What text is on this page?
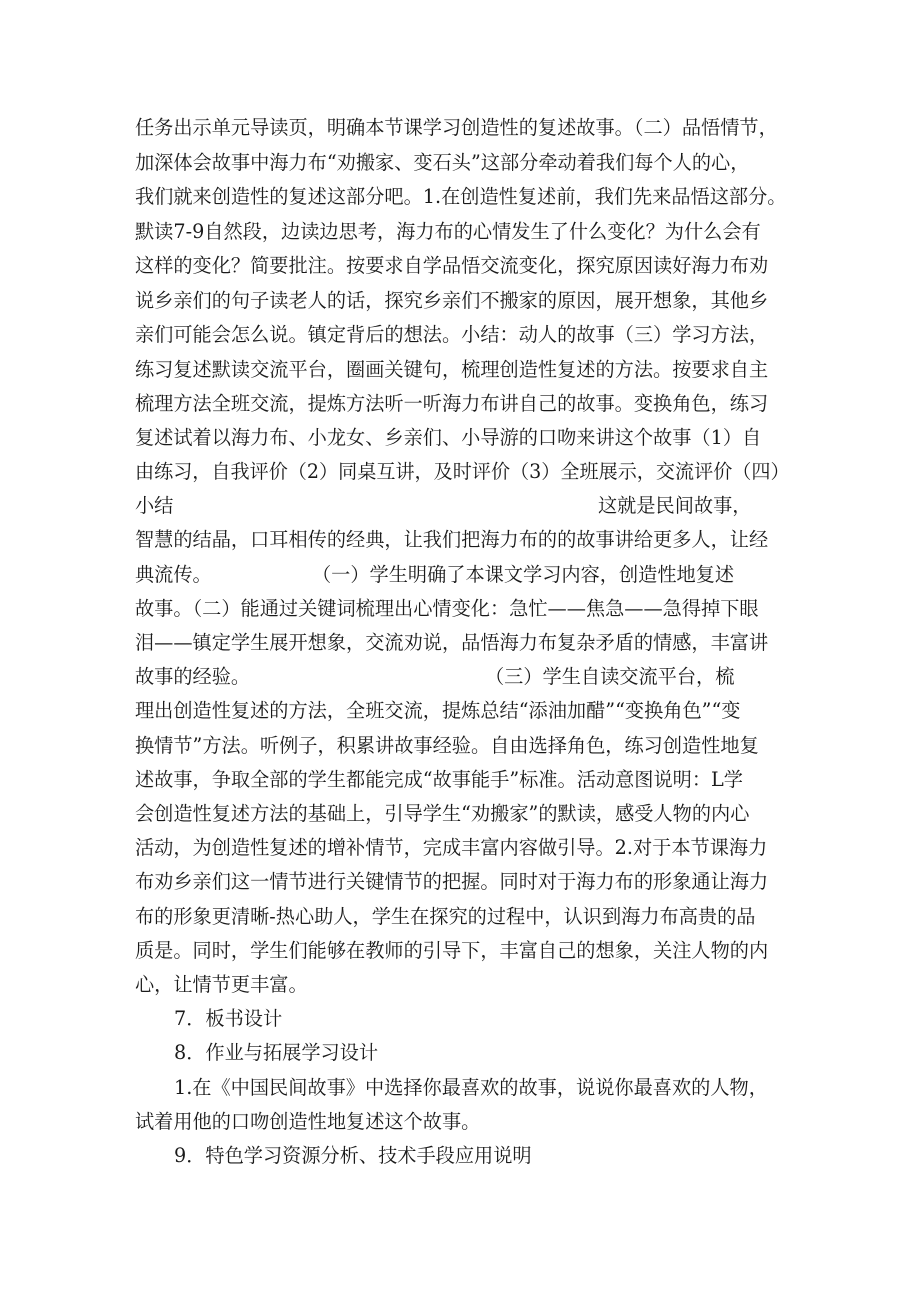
任务出示单元导读页，明确本节课学习创造性的复述故事。（二）品悟情节，
加深体会故事中海力布“劝搬家、变石头”这部分牵动着我们每个人的心，
我们就来创造性的复述这部分吧。1.在创造性复述前，我们先来品悟这部分。
默读7-9自然段，边读边思考，海力布的心情发生了什么变化？为什么会有
这样的变化？简要批注。按要求自学品悟交流变化，探究原因读好海力布劝
说乡亲们的句子读老人的话，探究乡亲们不搬家的原因，展开想象，其他乡
亲们可能会怎么说。镇定背后的想法。小结：动人的故事（三）学习方法，
练习复述默读交流平台，圈画关键句，梳理创造性复述的方法。按要求自主
梳理方法全班交流，提炼方法听一听海力布讲自己的故事。变换角色，练习
复述试着以海力布、小龙女、乡亲们、小导游的口吻来讲这个故事（1）自
由练习，自我评价（2）同桌互讲，及时评价（3）全班展示，交流评价（四）
小结	这就是民间故事，
智慧的结晶，口耳相传的经典，让我们把海力布的的故事讲给更多人，让经
典流传。	（一）学生明确了本课文学习内容，创造性地复述
故事。（二）能通过关键词梳理出心情变化：急忙——焦急——急得掉下眼
泪——镇定学生展开想象，交流劝说，品悟海力布复杂矛盾的情感，丰富讲
故事的经验。	（三）学生自读交流平台，梳
理出创造性复述的方法，全班交流，提炼总结“添油加醋”“变换角色”“变
换情节”方法。听例子，积累讲故事经验。自由选择角色，练习创造性地复
述故事，争取全部的学生都能完成“故事能手”标准。活动意图说明：L学
会创造性复述方法的基础上，引导学生“劝搬家”的默读，感受人物的内心
活动，为创造性复述的增补情节，完成丰富内容做引导。2.对于本节课海力
布劝乡亲们这一情节进行关键情节的把握。同时对于海力布的形象通让海力
布的形象更清晰-热心助人，学生在探究的过程中，认识到海力布高贵的品
质是。同时，学生们能够在教师的引导下，丰富自己的想象，关注人物的内
心，让情节更丰富。
7．板书设计
8．作业与拓展学习设计
1.在《中国民间故事》中选择你最喜欢的故事，说说你最喜欢的人物，
试着用他的口吻创造性地复述这个故事。
9．特色学习资源分析、技术手段应用说明
